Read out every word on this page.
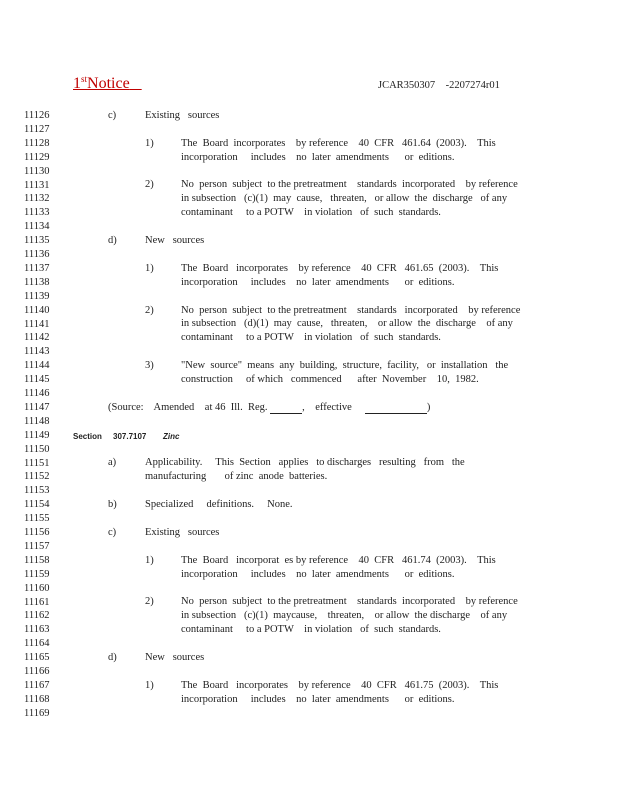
1stNotice	JCAR350307    -2207274r01
11126
11127
11128
11129
11130
11131
11132
11133
11134
11135
11136
11137
11138
11139
11140
11141
11142
11143
11144
11145
11146
11147
11148
11149
11150
11151
11152
11153
11154
11155
11156
11157
11158
11159
11160
11161
11162
11163
11164
11165
11166
11167
11168
11169
c)	Existing   sources
1)	The  Board  incorporates    by reference    40  CFR   461.64  (2003).    This
incorporation     includes    no  later  amendments      or  editions.
2)	No  person  subject  to the pretreatment    standards  incorporated    by reference
in subsection   (c)(1)  may  cause,   threaten,   or allow  the  discharge   of any
contaminant     to a POTW    in violation   of  such  standards.
d)	New   sources
1)	The  Board   incorporates    by reference    40  CFR   461.65  (2003).    This
incorporation     includes    no  later  amendments      or  editions.
2)	No  person  subject  to the pretreatment    standards   incorporated    by reference
in subsection   (d)(1)  may  cause,   threaten,    or allow  the  discharge    of any
contaminant     to a POTW    in violation   of  such  standards.
3)	"New  source"  means  any  building,  structure,  facility,   or  installation   the
construction     of which   commenced      after  November    10,  1982.
(Source:    Amended    at 46  Ill.  Reg.	,    effective	)
Section 307.7107 Zinc
a)	Applicability.     This  Section   applies   to discharges   resulting   from   the
manufacturing       of zinc  anode  batteries.
b)	Specialized     definitions.     None.
c)	Existing   sources
1)	The  Board   incorporat  es by reference    40  CFR   461.74  (2003).    This
incorporation     includes    no  later  amendments      or  editions.
2)	No  person  subject  to the pretreatment    standards  incorporated    by reference
in subsection   (c)(1)  maycause,    threaten,    or allow  the discharge    of any
contaminant     to a POTW    in violation   of  such  standards.
d)	New   sources
1)	The  Board   incorporates    by reference    40  CFR   461.75  (2003).    This
incorporation     includes    no  later  amendments      or  editions.
